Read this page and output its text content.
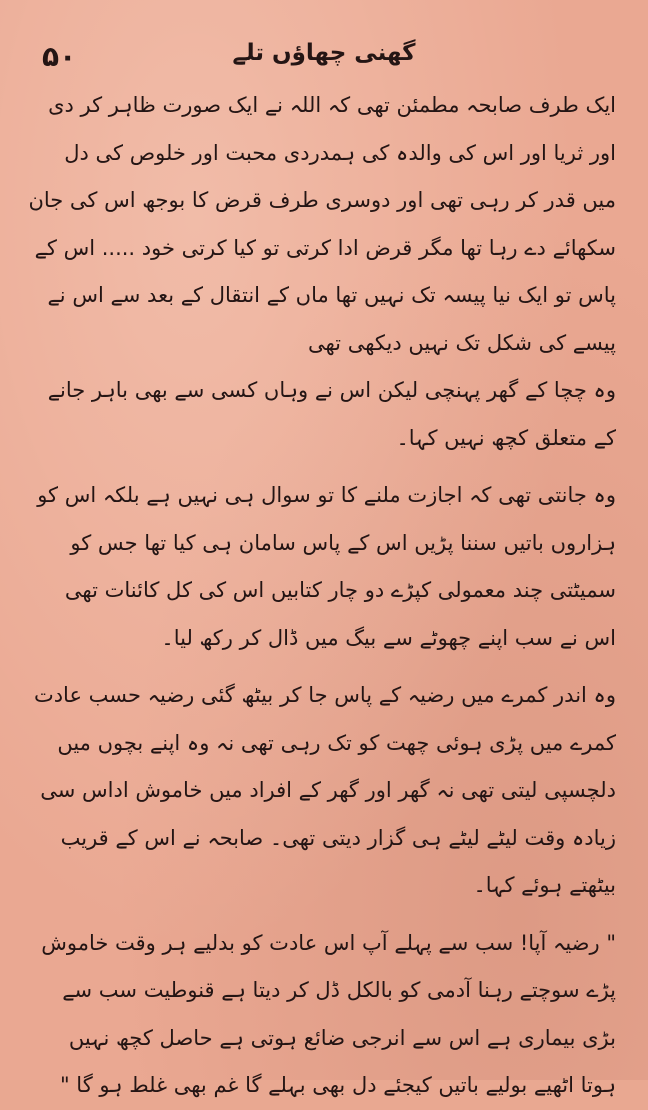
۵۰	گھنی چھاؤں تلے

ایک طرف صابحہ مطمئن تھی کہ اللہ نے ایک صورت ظاہر کر دی اور ثریا اور اس کی والدہ کی ہمدردی محبت اور خلوص کی دل میں قدر کر رہی تھی اور دوسری طرف قرض کا بوجھ اس کی جان سکھائے دے رہا تھا مگر قرض ادا کرتی تو کیا کرتی خود ..... اس کے پاس تو ایک نیا پیسہ تک نہیں تھا ماں کے انتقال کے بعد سے اس نے پیسے کی شکل تک نہیں دیکھی تھی

وہ چچا کے گھر پہنچی لیکن اس نے وہاں کسی سے بھی باہر جانے کے متعلق کچھ نہیں کہا۔

وہ جانتی تھی کہ اجازت ملنے کا تو سوال ہی نہیں ہے بلکہ اس کو ہزاروں باتیں سننا پڑیں اس کے پاس سامان ہی کیا تھا جس کو سمیٹتی چند معمولی کپڑے دو چار کتابیں اس کی کل کائنات تھی اس نے سب اپنے چھوٹے سے بیگ میں ڈال کر رکھ لیا۔

وہ اندر کمرے میں رضیہ کے پاس جا کر بیٹھ گئی رضیہ حسب عادت کمرے میں پڑی ہوئی چھت کو تک رہی تھی نہ وہ اپنے بچوں میں دلچسپی لیتی تھی نہ گھر اور گھر کے افراد میں خاموش اداس سی زیادہ وقت لیٹے لیٹے ہی گزار دیتی تھی۔ صابحہ نے اس کے قریب بیٹھتے ہوئے کہا۔

" رضیہ آپا! سب سے پہلے آپ اس عادت کو بدلیے ہر وقت خاموش پڑے سوچتے رہنا آدمی کو بالکل ڈل کر دیتا ہے قنوطیت سب سے بڑی بیماری ہے اس سے انرجی ضائع ہوتی ہے حاصل کچھ نہیں ہوتا اٹھیے بولیے باتیں کیجئے دل بھی بہلے گا غم بھی غلط ہو گا "
